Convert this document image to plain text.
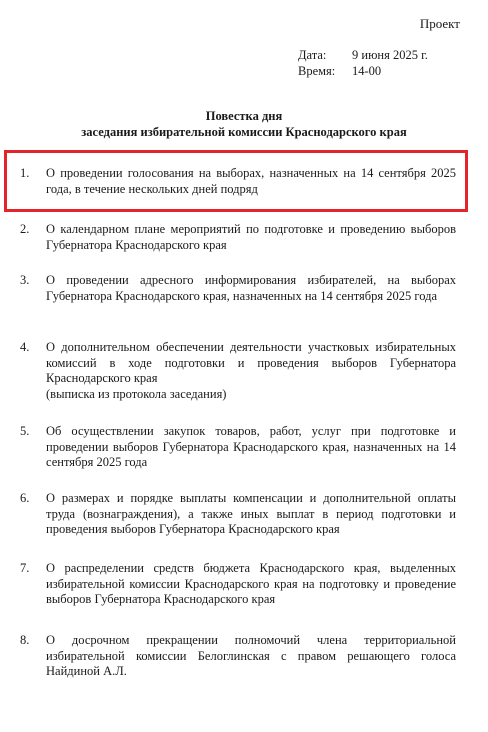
Проект
Дата:	9 июня 2025 г.
Время:	14-00
Повестка дня
заседания избирательной комиссии Краснодарского края
1.	О проведении голосования на выборах, назначенных на 14 сентября 2025 года, в течение нескольких дней подряд
2.	О календарном плане мероприятий по подготовке и проведению выборов Губернатора Краснодарского края
3.	О проведении адресного информирования избирателей, на выборах Губернатора Краснодарского края, назначенных на 14 сентября 2025 года
4.	О дополнительном обеспечении деятельности участковых избирательных комиссий в ходе подготовки и проведения выборов Губернатора Краснодарского края
(выписка из протокола заседания)
5.	Об осуществлении закупок товаров, работ, услуг при подготовке и проведении выборов Губернатора Краснодарского края, назначенных на 14 сентября 2025 года
6.	О размерах и порядке выплаты компенсации и дополнительной оплаты труда (вознаграждения), а также иных выплат в период подготовки и проведения выборов Губернатора Краснодарского края
7.	О распределении средств бюджета Краснодарского края, выделенных избирательной комиссии Краснодарского края на подготовку и проведение выборов Губернатора Краснодарского края
8.	О досрочном прекращении полномочий члена территориальной избирательной комиссии Белоглинская с правом решающего голоса Найдиной А.Л.
